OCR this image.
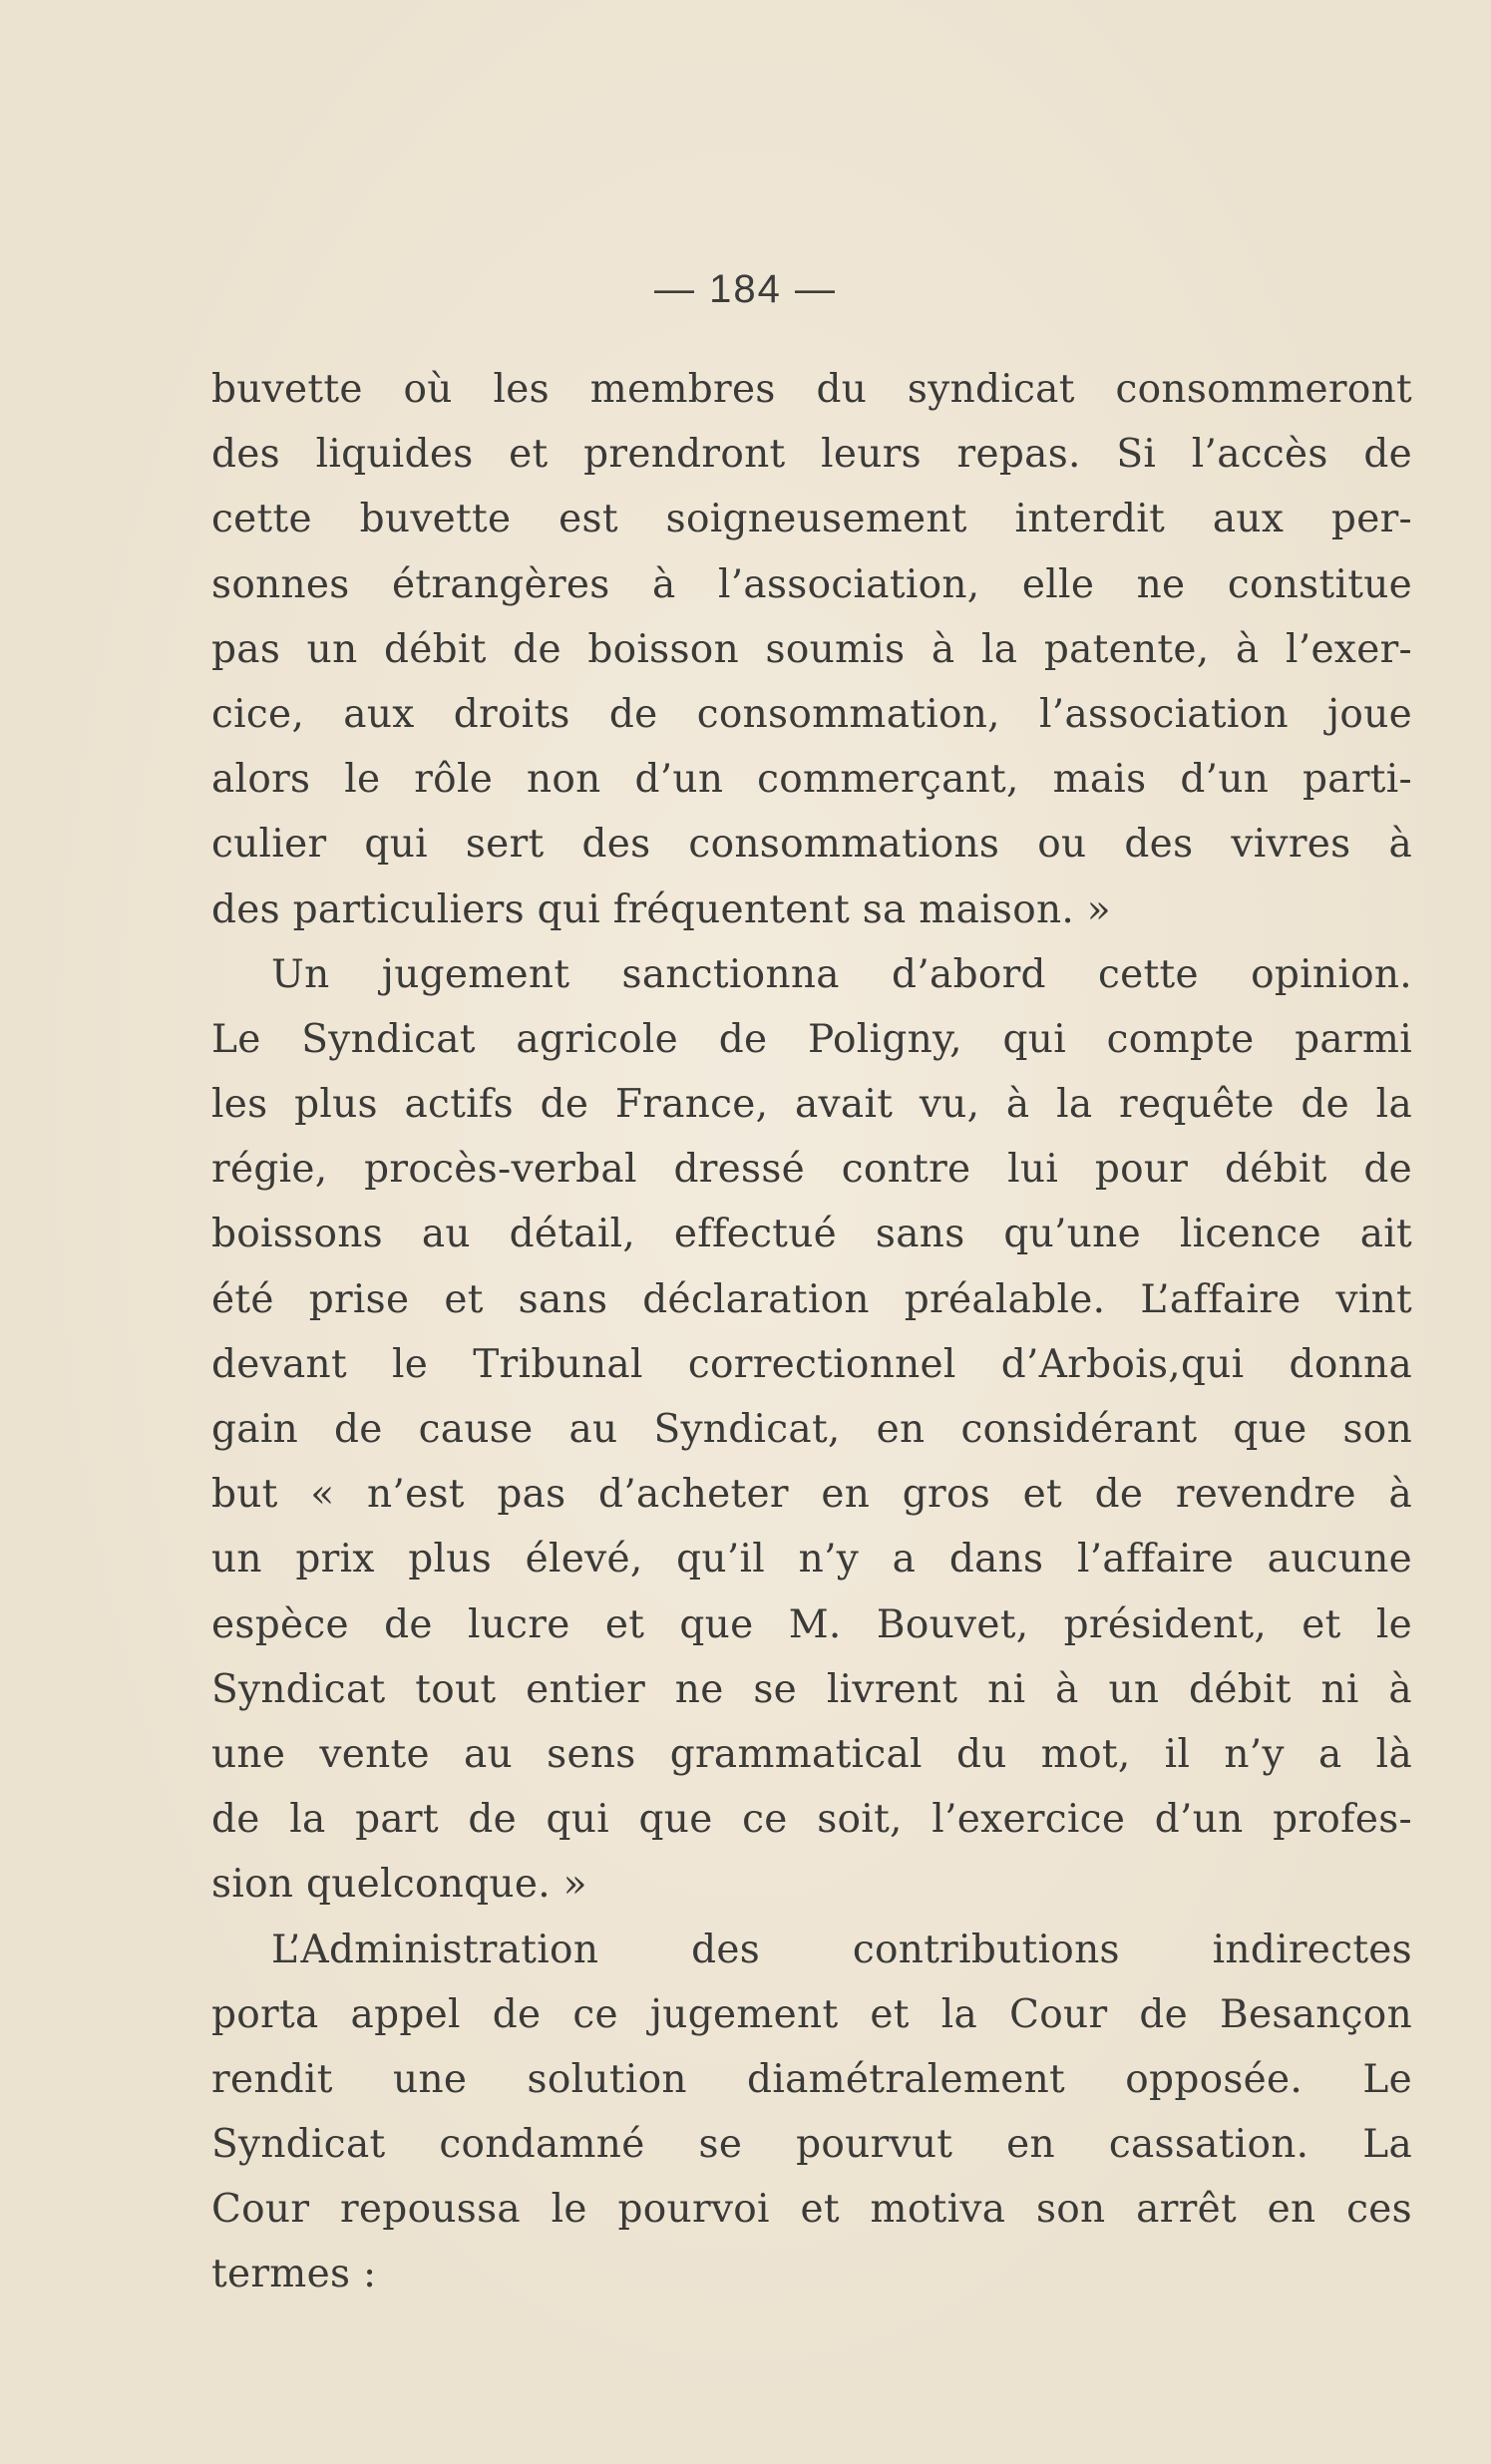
— 184 —
buvette où les membres du syndicat consommeront
des liquides et prendront leurs repas. Si l’accès de
cette buvette est soigneusement interdit aux per-
sonnes étrangères à l’association, elle ne constitue
pas un débit de boisson soumis à la patente, à l’exer-
cice, aux droits de consommation, l’association joue
alors le rôle non d’un commerçant, mais d’un parti-
culier qui sert des consommations ou des vivres à
des particuliers qui fréquentent sa maison. »
Un jugement sanctionna d’abord cette opinion.
Le Syndicat agricole de Poligny, qui compte parmi
les plus actifs de France, avait vu, à la requête de la
régie, procès-verbal dressé contre lui pour débit de
boissons au détail, effectué sans qu’une licence ait
été prise et sans déclaration préalable. L’affaire vint
devant le Tribunal correctionnel d’Arbois,qui donna
gain de cause au Syndicat, en considérant que son
but « n’est pas d’acheter en gros et de revendre à
un prix plus élevé, qu’il n’y a dans l’affaire aucune
espèce de lucre et que M. Bouvet, président, et le
Syndicat tout entier ne se livrent ni à un débit ni à
une vente au sens grammatical du mot, il n’y a là
de la part de qui que ce soit, l’exercice d’un profes-
sion quelconque. »
L’Administration des contributions indirectes
porta appel de ce jugement et la Cour de Besançon
rendit une solution diamétralement opposée. Le
Syndicat condamné se pourvut en cassation. La
Cour repoussa le pourvoi et motiva son arrêt en ces
termes :
